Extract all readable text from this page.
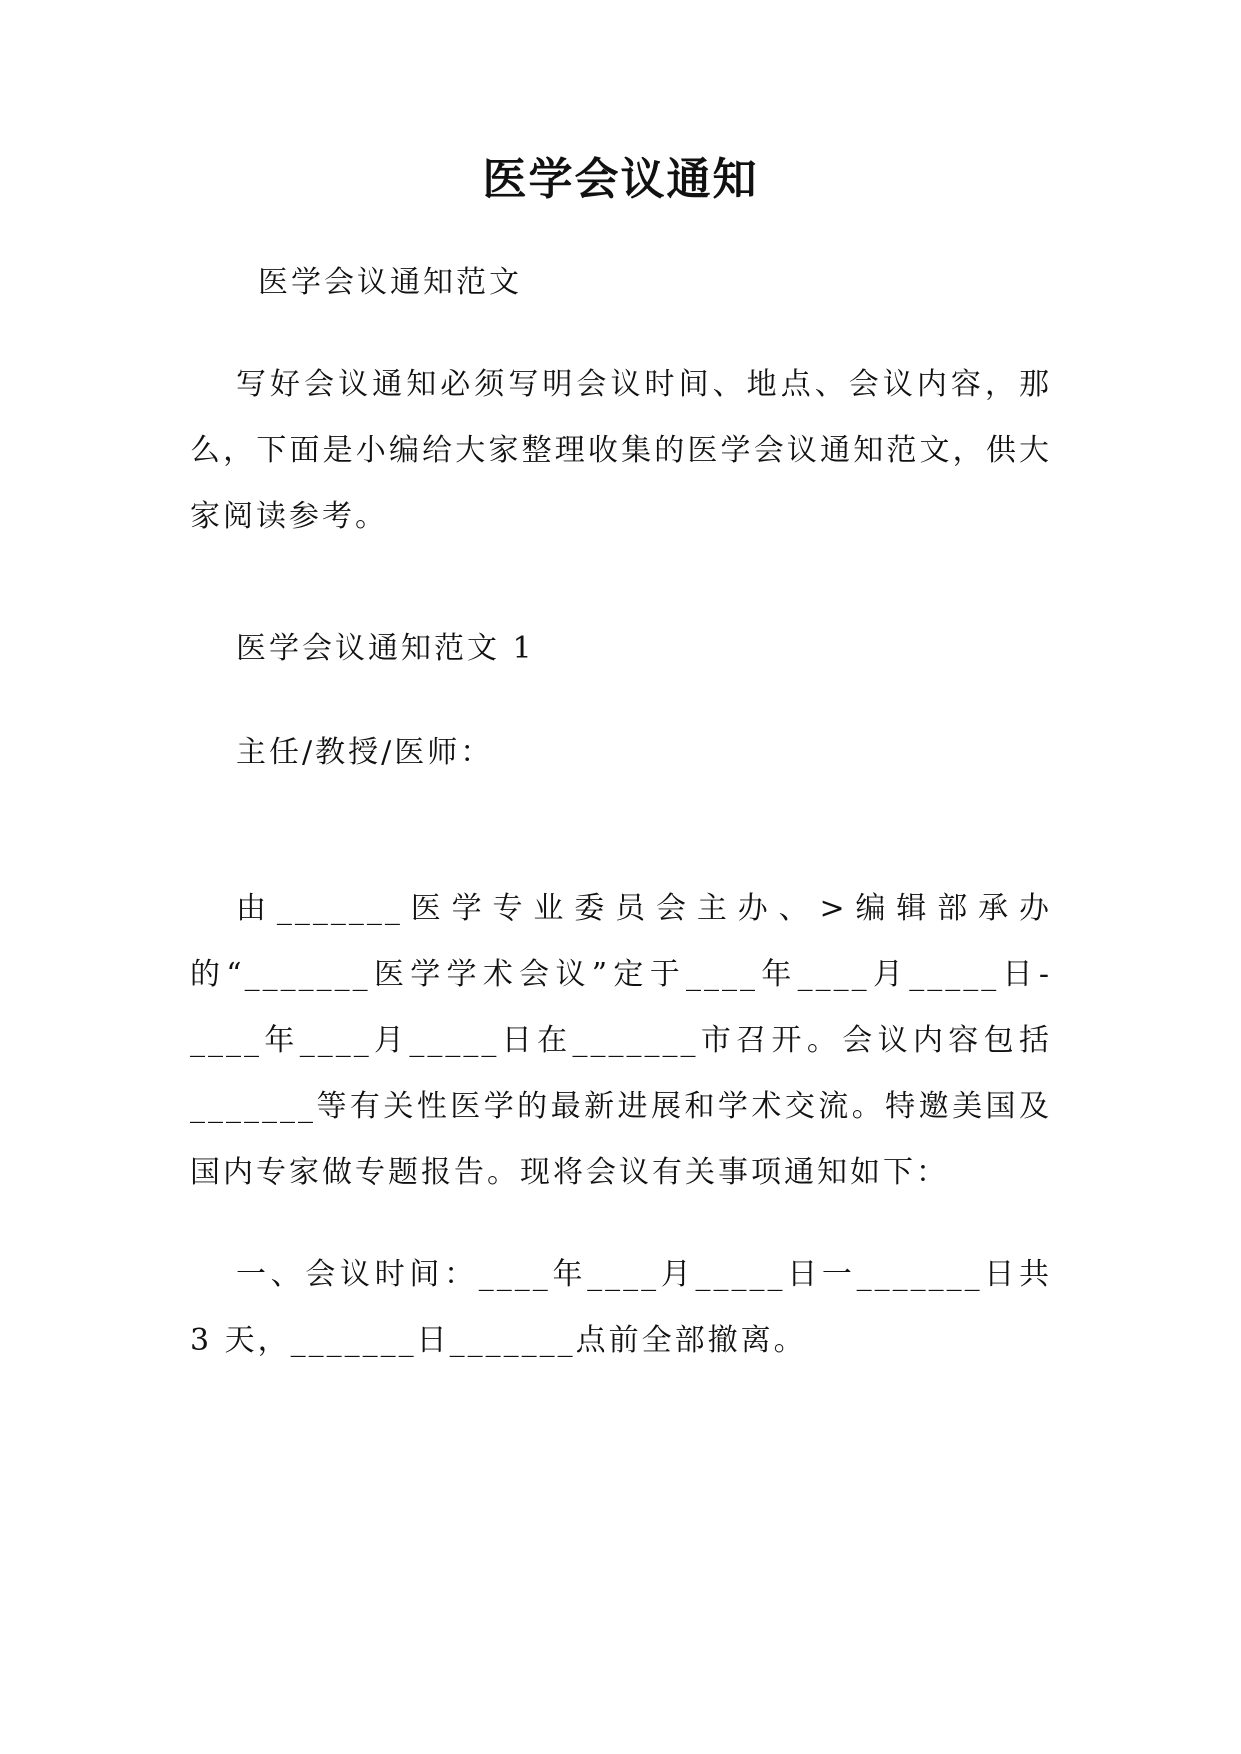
医学会议通知
医学会议通知范文
写好会议通知必须写明会议时间、地点、会议内容，那么，下面是小编给大家整理收集的医学会议通知范文，供大家阅读参考。
医学会议通知范文 1
主任/教授/医师：
由_______医学专业委员会主办、>编辑部承办的“_______医学学术会议”定于____年____月_____日-____年____月_____日在_______市召开。会议内容包括_______等有关性医学的最新进展和学术交流。特邀美国及国内专家做专题报告。现将会议有关事项通知如下：
一、会议时间：____年____月_____日一_______日共 3 天，_______日_______点前全部撤离。
